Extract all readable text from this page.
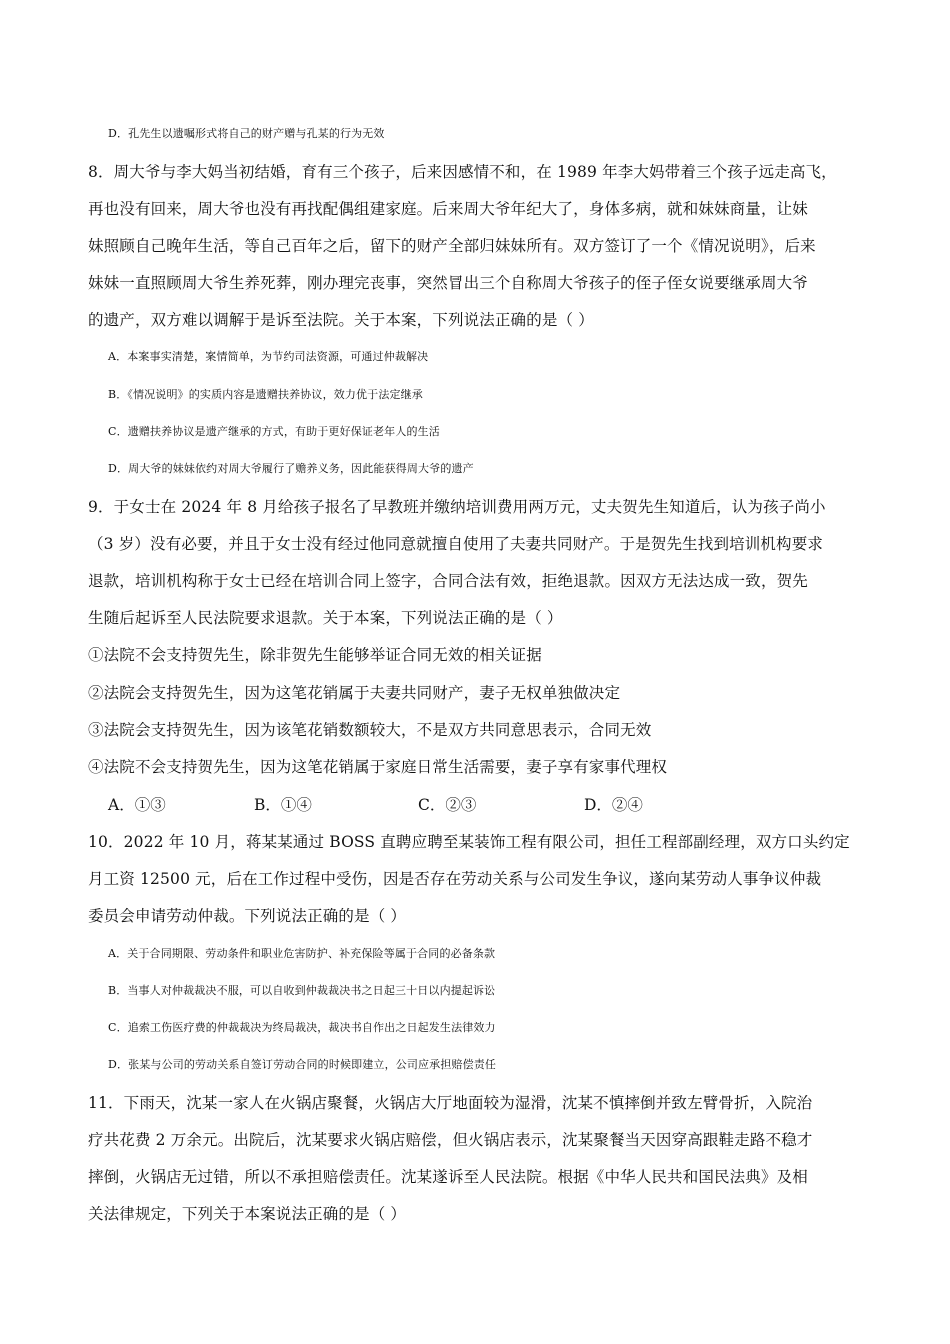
D．孔先生以遗嘱形式将自己的财产赠与孔某的行为无效
8．周大爷与李大妈当初结婚，育有三个孩子，后来因感情不和，在 1989 年李大妈带着三个孩子远走高飞，
再也没有回来，周大爷也没有再找配偶组建家庭。后来周大爷年纪大了，身体多病，就和妹妹商量，让妹
妹照顾自己晚年生活，等自己百年之后，留下的财产全部归妹妹所有。双方签订了一个《情况说明》，后来
妹妹一直照顾周大爷生养死葬，刚办理完丧事，突然冒出三个自称周大爷孩子的侄子侄女说要继承周大爷
的遗产，双方难以调解于是诉至法院。关于本案，下列说法正确的是（ ）
A．本案事实清楚，案情简单，为节约司法资源，可通过仲裁解决
B．《情况说明》的实质内容是遗赠扶养协议，效力优于法定继承
C．遗赠扶养协议是遗产继承的方式，有助于更好保证老年人的生活
D．周大爷的妹妹依约对周大爷履行了赡养义务，因此能获得周大爷的遗产
9．于女士在 2024 年 8 月给孩子报名了早教班并缴纳培训费用两万元，丈夫贺先生知道后，认为孩子尚小
（3 岁）没有必要，并且于女士没有经过他同意就擅自使用了夫妻共同财产。于是贺先生找到培训机构要求
退款，培训机构称于女士已经在培训合同上签字，合同合法有效，拒绝退款。因双方无法达成一致，贺先
生随后起诉至人民法院要求退款。关于本案，下列说法正确的是（ ）
①法院不会支持贺先生，除非贺先生能够举证合同无效的相关证据
②法院会支持贺先生，因为这笔花销属于夫妻共同财产，妻子无权单独做决定
③法院会支持贺先生，因为该笔花销数额较大，不是双方共同意思表示，合同无效
④法院不会支持贺先生，因为这笔花销属于家庭日常生活需要，妻子享有家事代理权
A．①③	B．①④	C．②③	D．②④
10．2022 年 10 月，蒋某某通过 BOSS 直聘应聘至某装饰工程有限公司，担任工程部副经理，双方口头约定
月工资 12500 元，后在工作过程中受伤，因是否存在劳动关系与公司发生争议，遂向某劳动人事争议仲裁
委员会申请劳动仲裁。下列说法正确的是（ ）
A．关于合同期限、劳动条件和职业危害防护、补充保险等属于合同的必备条款
B．当事人对仲裁裁决不服，可以自收到仲裁裁决书之日起三十日以内提起诉讼
C．追索工伤医疗费的仲裁裁决为终局裁决，裁决书自作出之日起发生法律效力
D．张某与公司的劳动关系自签订劳动合同的时候即建立，公司应承担赔偿责任
11．下雨天，沈某一家人在火锅店聚餐，火锅店大厅地面较为湿滑，沈某不慎摔倒并致左臂骨折，入院治
疗共花费 2 万余元。出院后，沈某要求火锅店赔偿，但火锅店表示，沈某聚餐当天因穿高跟鞋走路不稳才
摔倒，火锅店无过错，所以不承担赔偿责任。沈某遂诉至人民法院。根据《中华人民共和国民法典》及相
关法律规定，下列关于本案说法正确的是（ ）
